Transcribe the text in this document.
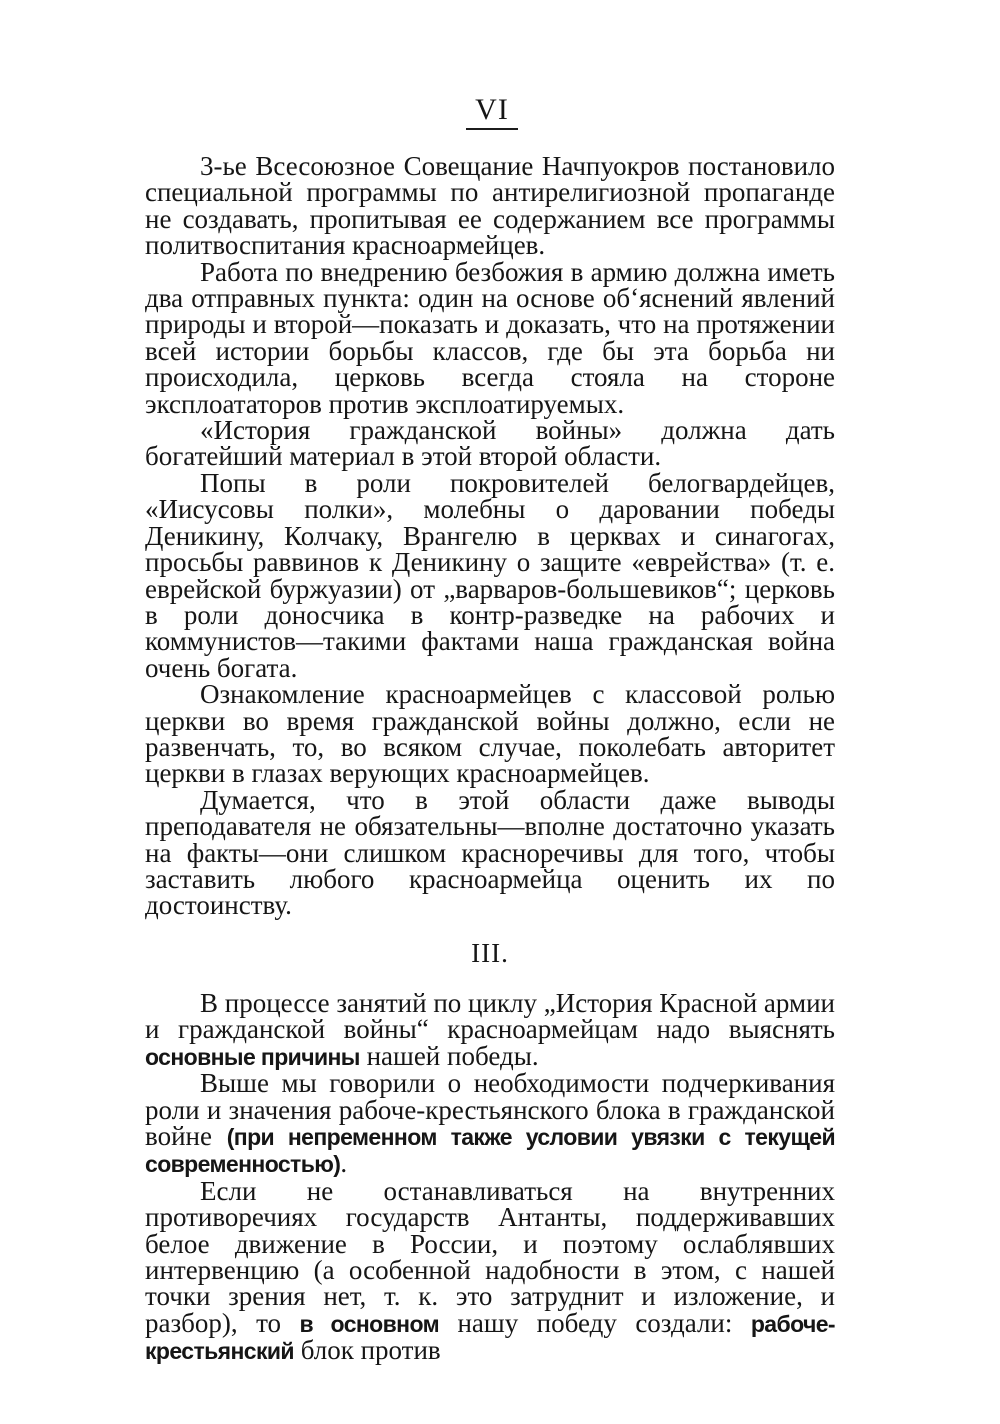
VI

3-ье Всесоюзное Совещание Начпуокров постановило специальной программы по антирелигиозной пропаганде не создавать, пропитывая ее содержанием все программы политвоспитания красноармейцев.

Работа по внедрению безбожия в армию должна иметь два отправных пункта: один на основе об‘яснений явлений природы и второй—показать и доказать, что на протяжении всей истории борьбы классов, где бы эта борьба ни происходила, церковь всегда стояла на стороне эксплоататоров против эксплоатируемых.

«История гражданской войны» должна дать богатейший материал в этой второй области.

Попы в роли покровителей белогвардейцев, «Иисусовы полки», молебны о даровании победы Деникину, Колчаку, Врангелю в церквах и синагогах, просьбы раввинов к Деникину о защите «еврейства» (т. е. еврейской буржуазии) от „варваров-большевиков“; церковь в роли доносчика в контр-разведке на рабочих и коммунистов—такими фактами наша гражданская война очень богата.

Ознакомление красноармейцев с классовой ролью церкви во время гражданской войны должно, если не развенчать, то, во всяком случае, поколебать авторитет церкви в глазах верующих красноармейцев.

Думается, что в этой области даже выводы преподавателя не обязательны—вполне достаточно указать на факты—они слишком красноречивы для того, чтобы заставить любого красноармейца оценить их по достоинству.

III.

В процессе занятий по циклу „История Красной армии и гражданской войны“ красноармейцам надо выяснять основные причины нашей победы.

Выше мы говорили о необходимости подчеркивания роли и значения рабоче-крестьянского блока в гражданской войне (при непременном также условии увязки с текущей современностью).

Если не останавливаться на внутренних противоречиях государств Антанты, поддерживавших белое движение в России, и поэтому ослаблявших интервенцию (а особенной надобности в этом, с нашей точки зрения нет, т. к. это затруднит и изложение, и разбор), то в основном нашу победу создали: рабоче-крестьянский блок против
